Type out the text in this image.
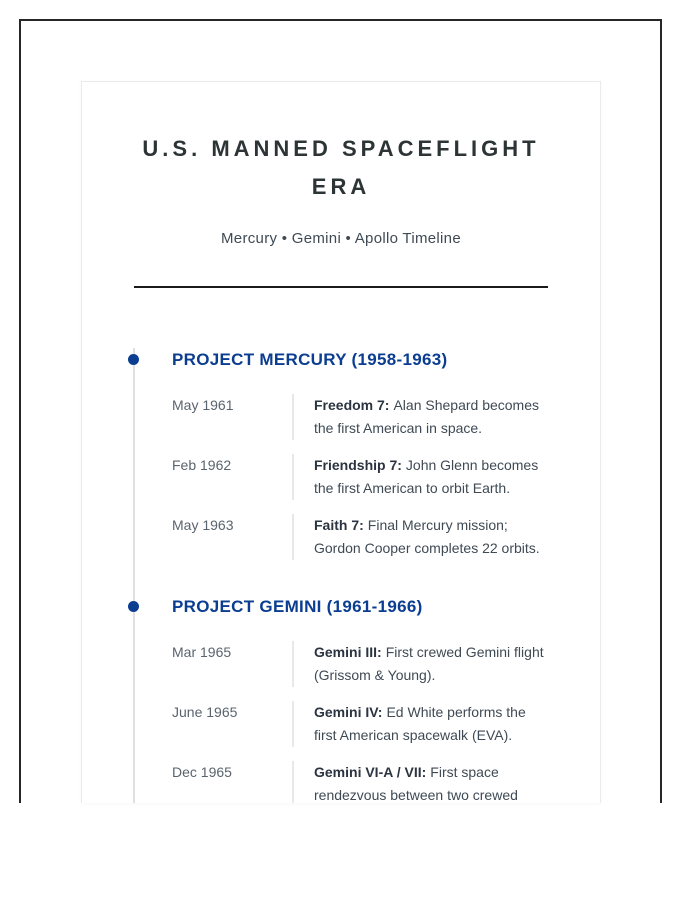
U.S. MANNED SPACEFLIGHT
ERA
Mercury • Gemini • Apollo Timeline
PROJECT MERCURY (1958-1963)
May 1961	Freedom 7: Alan Shepard becomes the first American in space.
Feb 1962	Friendship 7: John Glenn becomes the first American to orbit Earth.
May 1963	Faith 7: Final Mercury mission; Gordon Cooper completes 22 orbits.
PROJECT GEMINI (1961-1966)
Mar 1965	Gemini III: First crewed Gemini flight (Grissom & Young).
June 1965	Gemini IV: Ed White performs the first American spacewalk (EVA).
Dec 1965	Gemini VI-A / VII: First space rendezvous between two crewed
